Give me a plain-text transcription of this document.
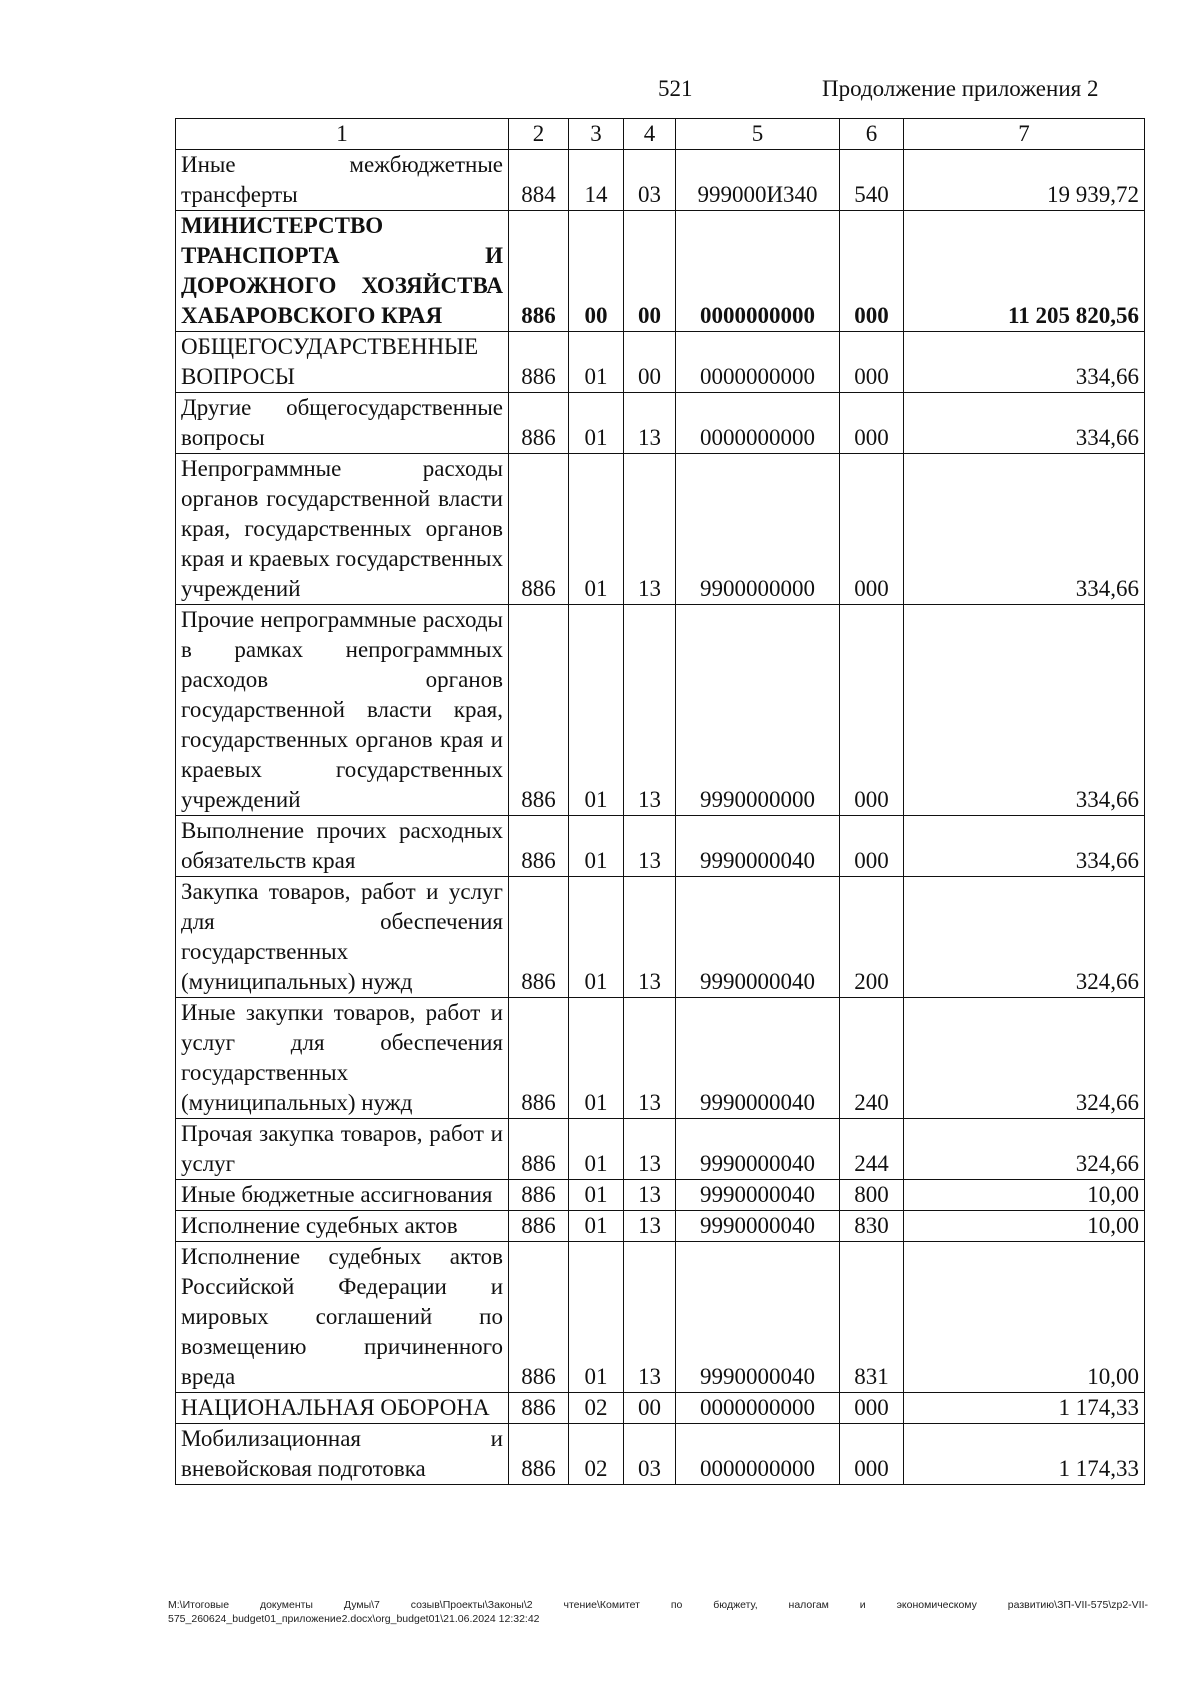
521	Продолжение приложения 2
1	2	3	4	5	6	7
Иные межбюджетные трансферты	884	14	03	999000И340	540	19 939,72
МИНИСТЕРСТВО ТРАНСПОРТА И ДОРОЖНОГО ХОЗЯЙСТВА ХАБАРОВСКОГО КРАЯ	886	00	00	0000000000	000	11 205 820,56
ОБЩЕГОСУДАРСТВЕННЫЕ ВОПРОСЫ	886	01	00	0000000000	000	334,66
Другие общегосударственные вопросы	886	01	13	0000000000	000	334,66
Непрограммные расходы органов государственной власти края, государственных органов края и краевых государственных учреждений	886	01	13	9900000000	000	334,66
Прочие непрограммные расходы в рамках непрограммных расходов органов государственной власти края, государственных органов края и краевых государственных учреждений	886	01	13	9990000000	000	334,66
Выполнение прочих расходных обязательств края	886	01	13	9990000040	000	334,66
Закупка товаров, работ и услуг для обеспечения государственных (муниципальных) нужд	886	01	13	9990000040	200	324,66
Иные закупки товаров, работ и услуг для обеспечения государственных (муниципальных) нужд	886	01	13	9990000040	240	324,66
Прочая закупка товаров, работ и услуг	886	01	13	9990000040	244	324,66
Иные бюджетные ассигнования	886	01	13	9990000040	800	10,00
Исполнение судебных актов	886	01	13	9990000040	830	10,00
Исполнение судебных актов Российской Федерации и мировых соглашений по возмещению причиненного вреда	886	01	13	9990000040	831	10,00
НАЦИОНАЛЬНАЯ ОБОРОНА	886	02	00	0000000000	000	1 174,33
Мобилизационная и вневойсковая подготовка	886	02	03	0000000000	000	1 174,33
M:\Итоговые документы Думы\7 созыв\Проекты\Законы\2 чтение\Комитет по бюджету, налогам и экономическому развитию\ЗП-VII-575\zp2-VII-575_260624_budget01_приложение2.docx\org_budget01\21.06.2024 12:32:42
